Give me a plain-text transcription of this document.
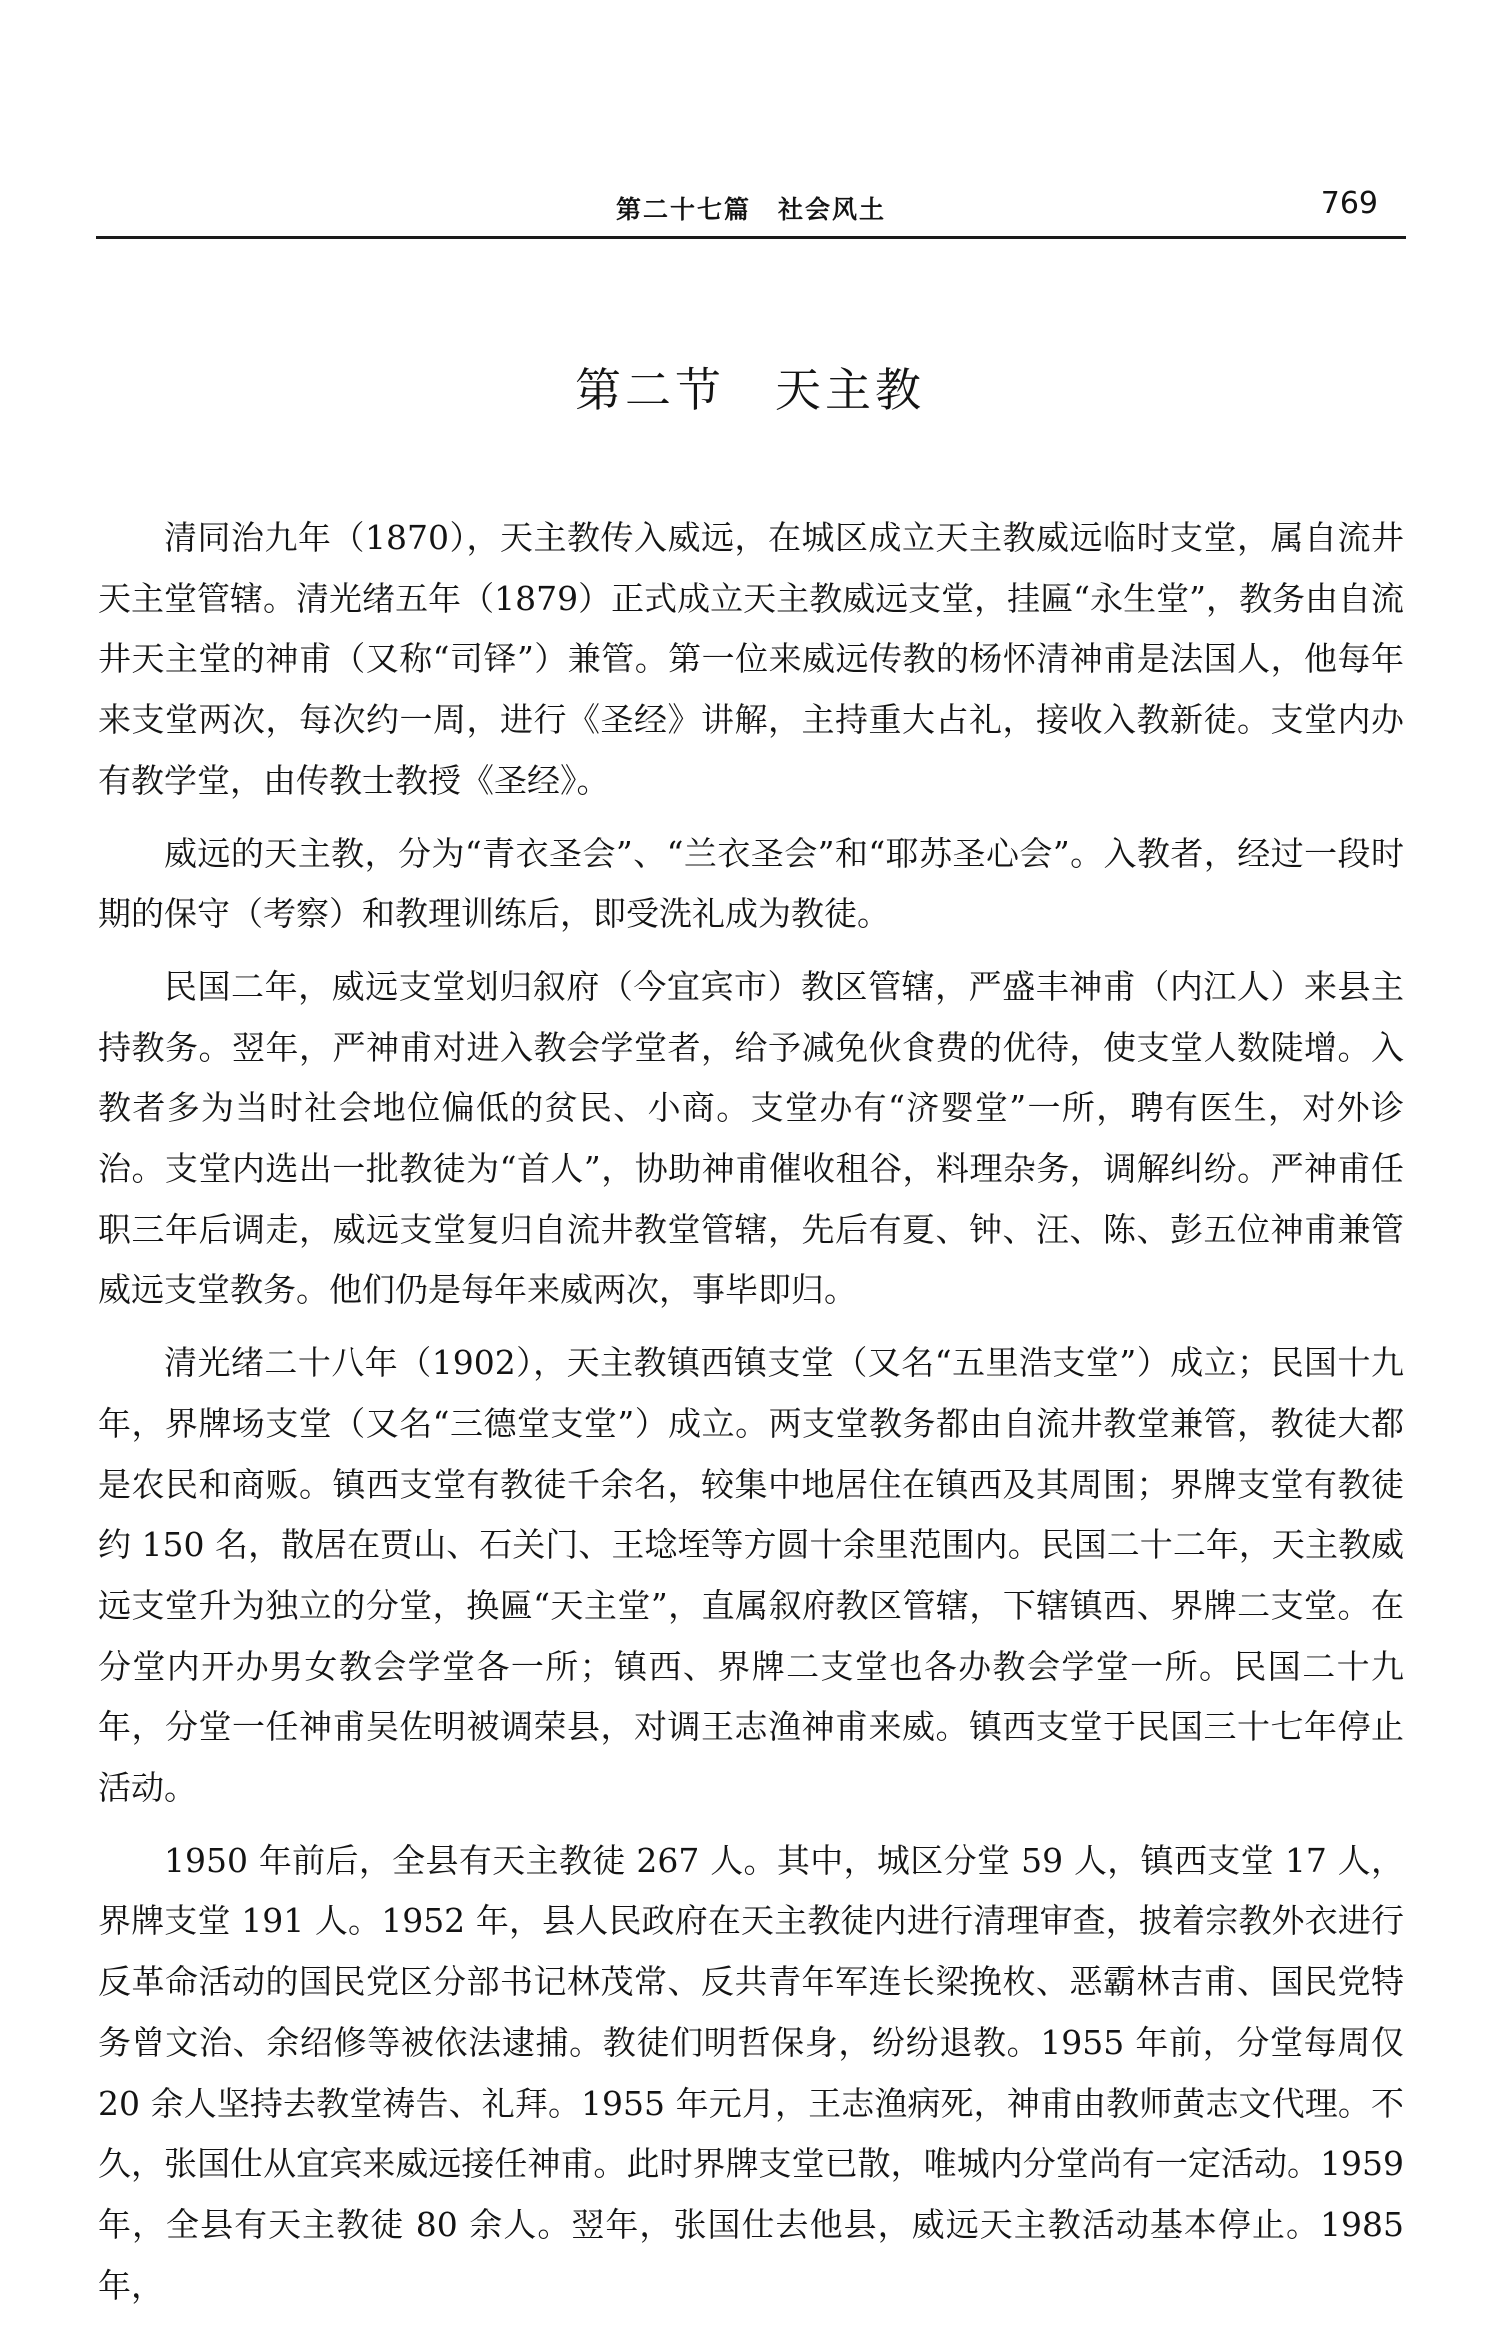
第二十七篇　社会风土	769
第二节　天主教

清同治九年（1870），天主教传入威远，在城区成立天主教威远临时支堂，属自流井天主堂管辖。清光绪五年（1879）正式成立天主教威远支堂，挂匾“永生堂”，教务由自流井天主堂的神甫（又称“司铎”）兼管。第一位来威远传教的杨怀清神甫是法国人，他每年来支堂两次，每次约一周，进行《圣经》讲解，主持重大占礼，接收入教新徒。支堂内办有教学堂，由传教士教授《圣经》。

威远的天主教，分为“青衣圣会”、“兰衣圣会”和“耶苏圣心会”。入教者，经过一段时期的保守（考察）和教理训练后，即受洗礼成为教徒。

民国二年，威远支堂划归叙府（今宜宾市）教区管辖，严盛丰神甫（内江人）来县主持教务。翌年，严神甫对进入教会学堂者，给予减免伙食费的优待，使支堂人数陡增。入教者多为当时社会地位偏低的贫民、小商。支堂办有“济婴堂”一所，聘有医生，对外诊治。支堂内选出一批教徒为“首人”，协助神甫催收租谷，料理杂务，调解纠纷。严神甫任职三年后调走，威远支堂复归自流井教堂管辖，先后有夏、钟、汪、陈、彭五位神甫兼管威远支堂教务。他们仍是每年来威两次，事毕即归。

清光绪二十八年（1902），天主教镇西镇支堂（又名“五里浩支堂”）成立；民国十九年，界牌场支堂（又名“三德堂支堂”）成立。两支堂教务都由自流井教堂兼管，教徒大都是农民和商贩。镇西支堂有教徒千余名，较集中地居住在镇西及其周围；界牌支堂有教徒约 150 名，散居在贾山、石关门、王埝垤等方圆十余里范围内。民国二十二年，天主教威远支堂升为独立的分堂，换匾“天主堂”，直属叙府教区管辖，下辖镇西、界牌二支堂。在分堂内开办男女教会学堂各一所；镇西、界牌二支堂也各办教会学堂一所。民国二十九年，分堂一任神甫吴佐明被调荣县，对调王志渔神甫来威。镇西支堂于民国三十七年停止活动。

1950 年前后，全县有天主教徒 267 人。其中，城区分堂 59 人，镇西支堂 17 人，界牌支堂 191 人。1952 年，县人民政府在天主教徒内进行清理审查，披着宗教外衣进行反革命活动的国民党区分部书记林茂常、反共青年军连长梁挽枚、恶霸林吉甫、国民党特务曾文治、余绍修等被依法逮捕。教徒们明哲保身，纷纷退教。1955 年前，分堂每周仅 20 余人坚持去教堂祷告、礼拜。1955 年元月，王志渔病死，神甫由教师黄志文代理。不久，张国仕从宜宾来威远接任神甫。此时界牌支堂已散，唯城内分堂尚有一定活动。1959 年，全县有天主教徒 80 余人。翌年，张国仕去他县，威远天主教活动基本停止。1985 年，
